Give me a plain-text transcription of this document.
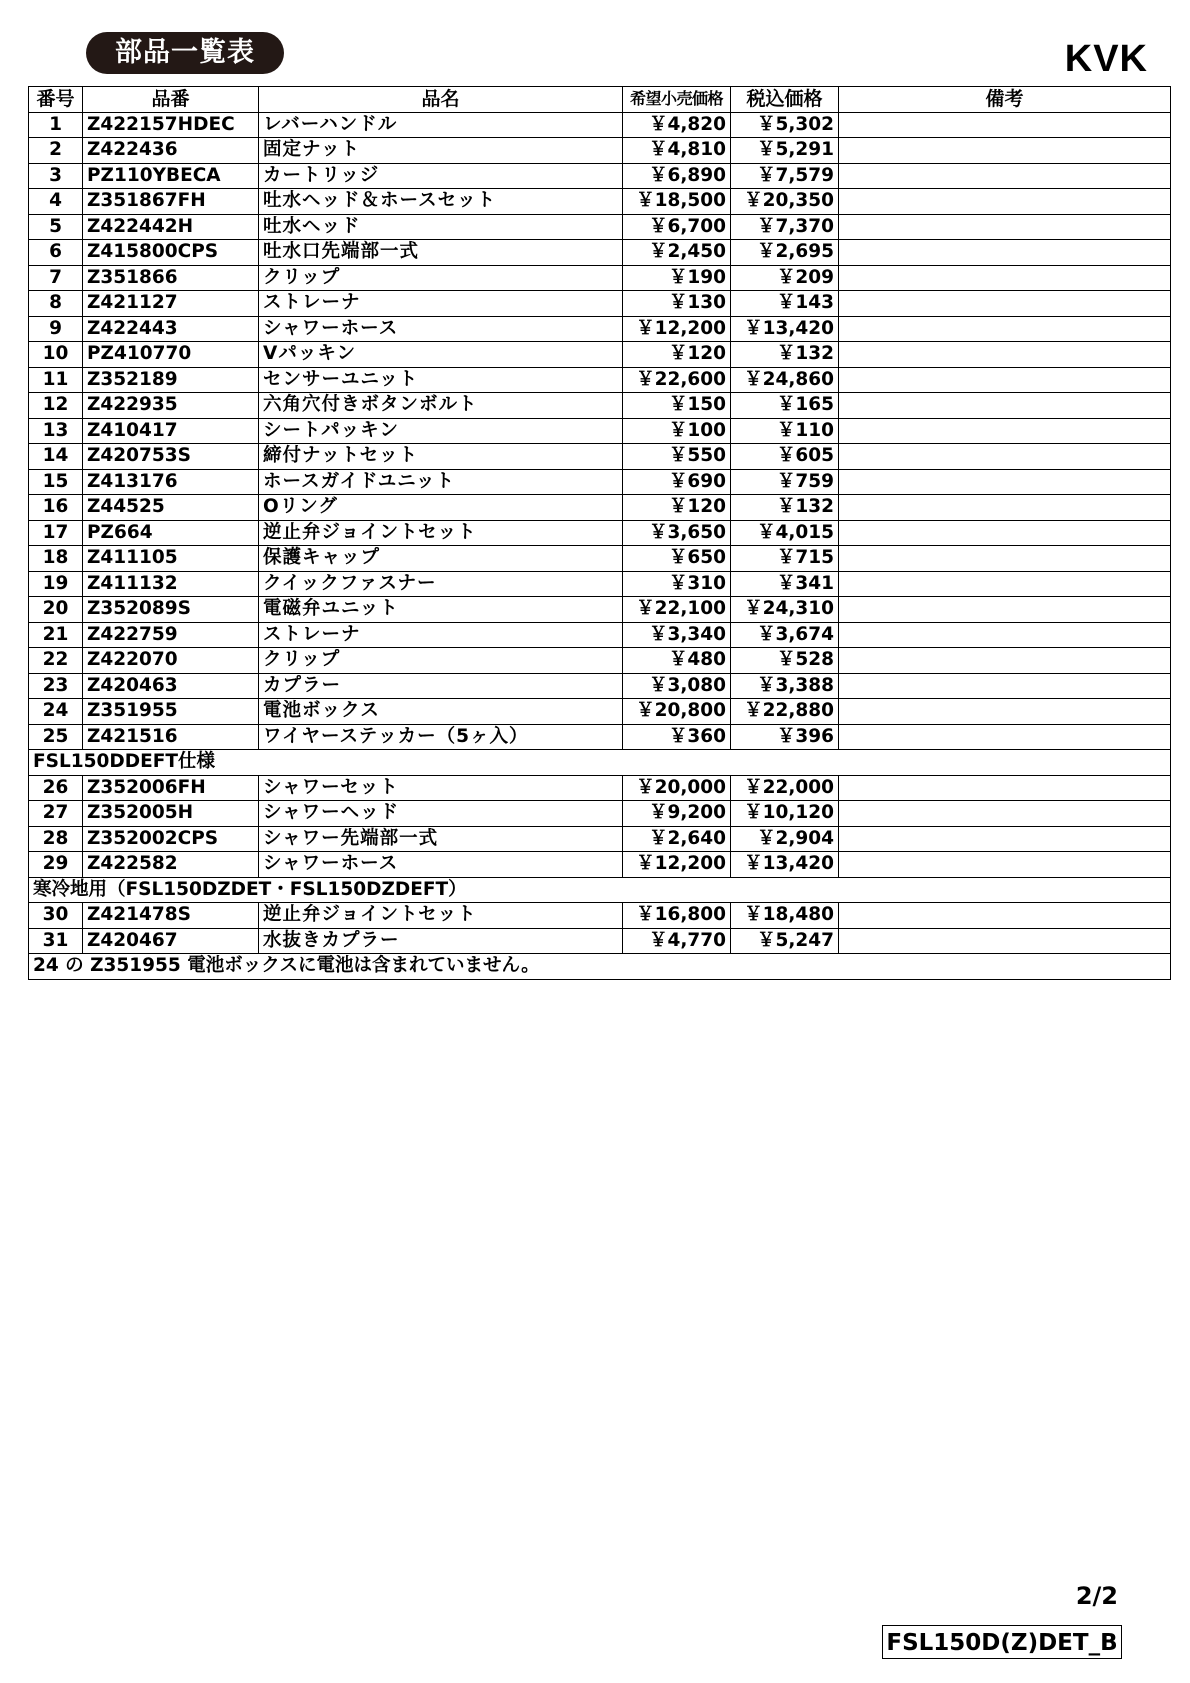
部品一覧表	KVK
番号	品番	品名	希望小売価格	税込価格	備考
1	Z422157HDEC	レバーハンドル	￥4,820	￥5,302	
2	Z422436	固定ナット	￥4,810	￥5,291	
3	PZ110YBECA	カートリッジ	￥6,890	￥7,579	
4	Z351867FH	吐水ヘッド＆ホースセット	￥18,500	￥20,350	
5	Z422442H	吐水ヘッド	￥6,700	￥7,370	
6	Z415800CPS	吐水口先端部一式	￥2,450	￥2,695	
7	Z351866	クリップ	￥190	￥209	
8	Z421127	ストレーナ	￥130	￥143	
9	Z422443	シャワーホース	￥12,200	￥13,420	
10	PZ410770	Vパッキン	￥120	￥132	
11	Z352189	センサーユニット	￥22,600	￥24,860	
12	Z422935	六角穴付きボタンボルト	￥150	￥165	
13	Z410417	シートパッキン	￥100	￥110	
14	Z420753S	締付ナットセット	￥550	￥605	
15	Z413176	ホースガイドユニット	￥690	￥759	
16	Z44525	Oリング	￥120	￥132	
17	PZ664	逆止弁ジョイントセット	￥3,650	￥4,015	
18	Z411105	保護キャップ	￥650	￥715	
19	Z411132	クイックファスナー	￥310	￥341	
20	Z352089S	電磁弁ユニット	￥22,100	￥24,310	
21	Z422759	ストレーナ	￥3,340	￥3,674	
22	Z422070	クリップ	￥480	￥528	
23	Z420463	カプラー	￥3,080	￥3,388	
24	Z351955	電池ボックス	￥20,800	￥22,880	
25	Z421516	ワイヤーステッカー（5ヶ入）	￥360	￥396	
FSL150DDEFT仕様					
26	Z352006FH	シャワーセット	￥20,000	￥22,000	
27	Z352005H	シャワーヘッド	￥9,200	￥10,120	
28	Z352002CPS	シャワー先端部一式	￥2,640	￥2,904	
29	Z422582	シャワーホース	￥12,200	￥13,420	
寒冷地用（FSL150DZDET・FSL150DZDEFT）					
30	Z421478S	逆止弁ジョイントセット	￥16,800	￥18,480	
31	Z420467	水抜きカプラー	￥4,770	￥5,247	
24 の Z351955 電池ボックスに電池は含まれていません。					
2/2
FSL150D(Z)DET_B
